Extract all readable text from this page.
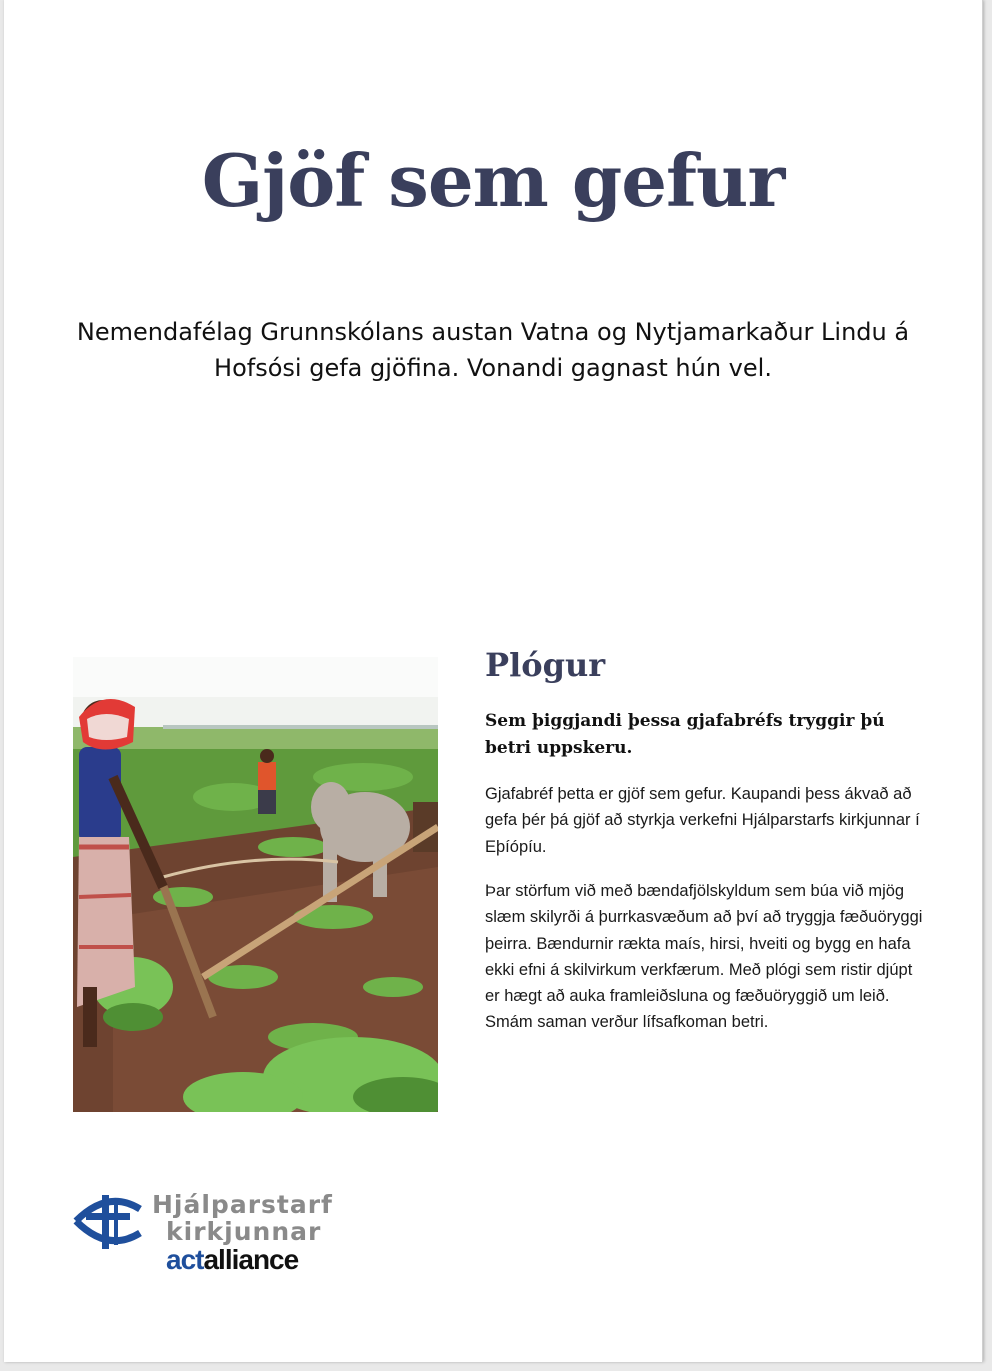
Gjöf sem gefur

Nemendafélag Grunnskólans austan Vatna og Nytjamarkaður Lindu á Hofsósi gefa gjöfina. Vonandi gagnast hún vel.

Plógur

Sem þiggjandi þessa gjafabréfs tryggir þú betri uppskeru.

Gjafabréf þetta er gjöf sem gefur. Kaupandi þess ákvað að gefa þér þá gjöf að styrkja verkefni Hjálparstarfs kirkjunnar í Eþíópíu.

Þar störfum við með bændafjölskyldum sem búa við mjög slæm skilyrði á þurrkasvæðum að því að tryggja fæðuöryggi þeirra. Bændurnir rækta maís, hirsi, hveiti og bygg en hafa ekki efni á skilvirkum verkfærum. Með plógi sem ristir djúpt er hægt að auka framleiðsluna og fæðuöryggið um leið. Smám saman verður lífsafkoman betri.

Hjálparstarf

kirkjunnar

actalliance
